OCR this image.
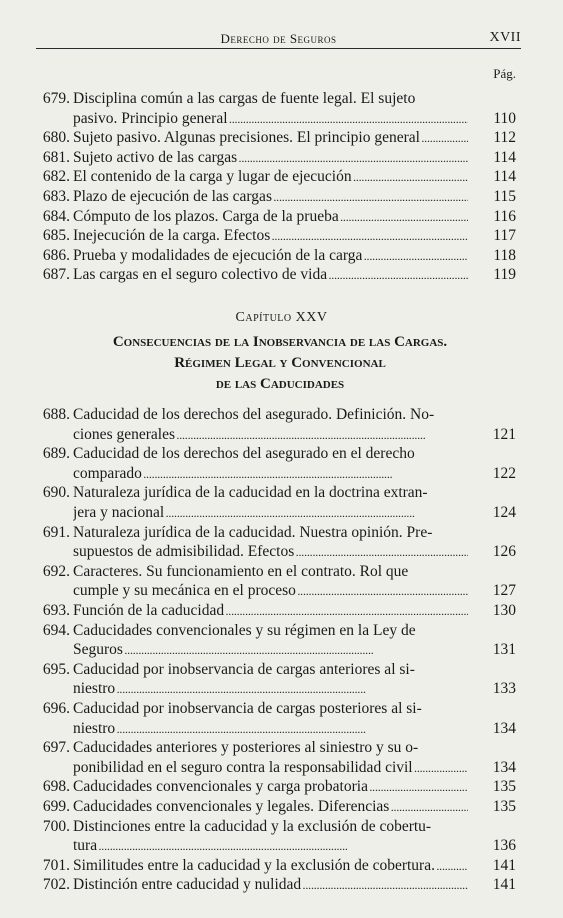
Derecho de Seguros	XVII
Pág.
Capítulo XXV
Consecuencias de la Inobservancia de las Cargas.
Régimen Legal y Convencional
de las Caducidades
679. Disciplina común a las cargas de fuente legal. El sujeto
pasivo. Principio general . . .	110
680. Sujeto pasivo. Algunas precisiones. El principio general . . .	112
681. Sujeto activo de las cargas . . .	114
682. El contenido de la carga y lugar de ejecución . . .	114
683. Plazo de ejecución de las cargas . . .	115
684. Cómputo de los plazos. Carga de la prueba . . .	116
685. Inejecución de la carga. Efectos . . .	117
686. Prueba y modalidades de ejecución de la carga . . .	118
687. Las cargas en el seguro colectivo de vida . . .	119
688. Caducidad de los derechos del asegurado. Definición. No-
ciones generales . . .	121
689. Caducidad de los derechos del asegurado en el derecho
comparado . . .	122
690. Naturaleza jurídica de la caducidad en la doctrina extran-
jera y nacional . . .	124
691. Naturaleza jurídica de la caducidad. Nuestra opinión. Pre-
supuestos de admisibilidad. Efectos . . .	126
692. Caracteres. Su funcionamiento en el contrato. Rol que
cumple y su mecánica en el proceso . . .	127
693. Función de la caducidad . . .	130
694. Caducidades convencionales y su régimen en la Ley de
Seguros . . .	131
695. Caducidad por inobservancia de cargas anteriores al si-
niestro . . .	133
696. Caducidad por inobservancia de cargas posteriores al si-
niestro . . .	134
697. Caducidades anteriores y posteriores al siniestro y su o-
ponibilidad en el seguro contra la responsabilidad civil . . .	134
698. Caducidades convencionales y carga probatoria . . .	135
699. Caducidades convencionales y legales. Diferencias . . .	135
700. Distinciones entre la caducidad y la exclusión de cobertu-
tura . . .	136
701. Similitudes entre la caducidad y la exclusión de cobertura. . . .	141
702. Distinción entre caducidad y nulidad . . .	141
